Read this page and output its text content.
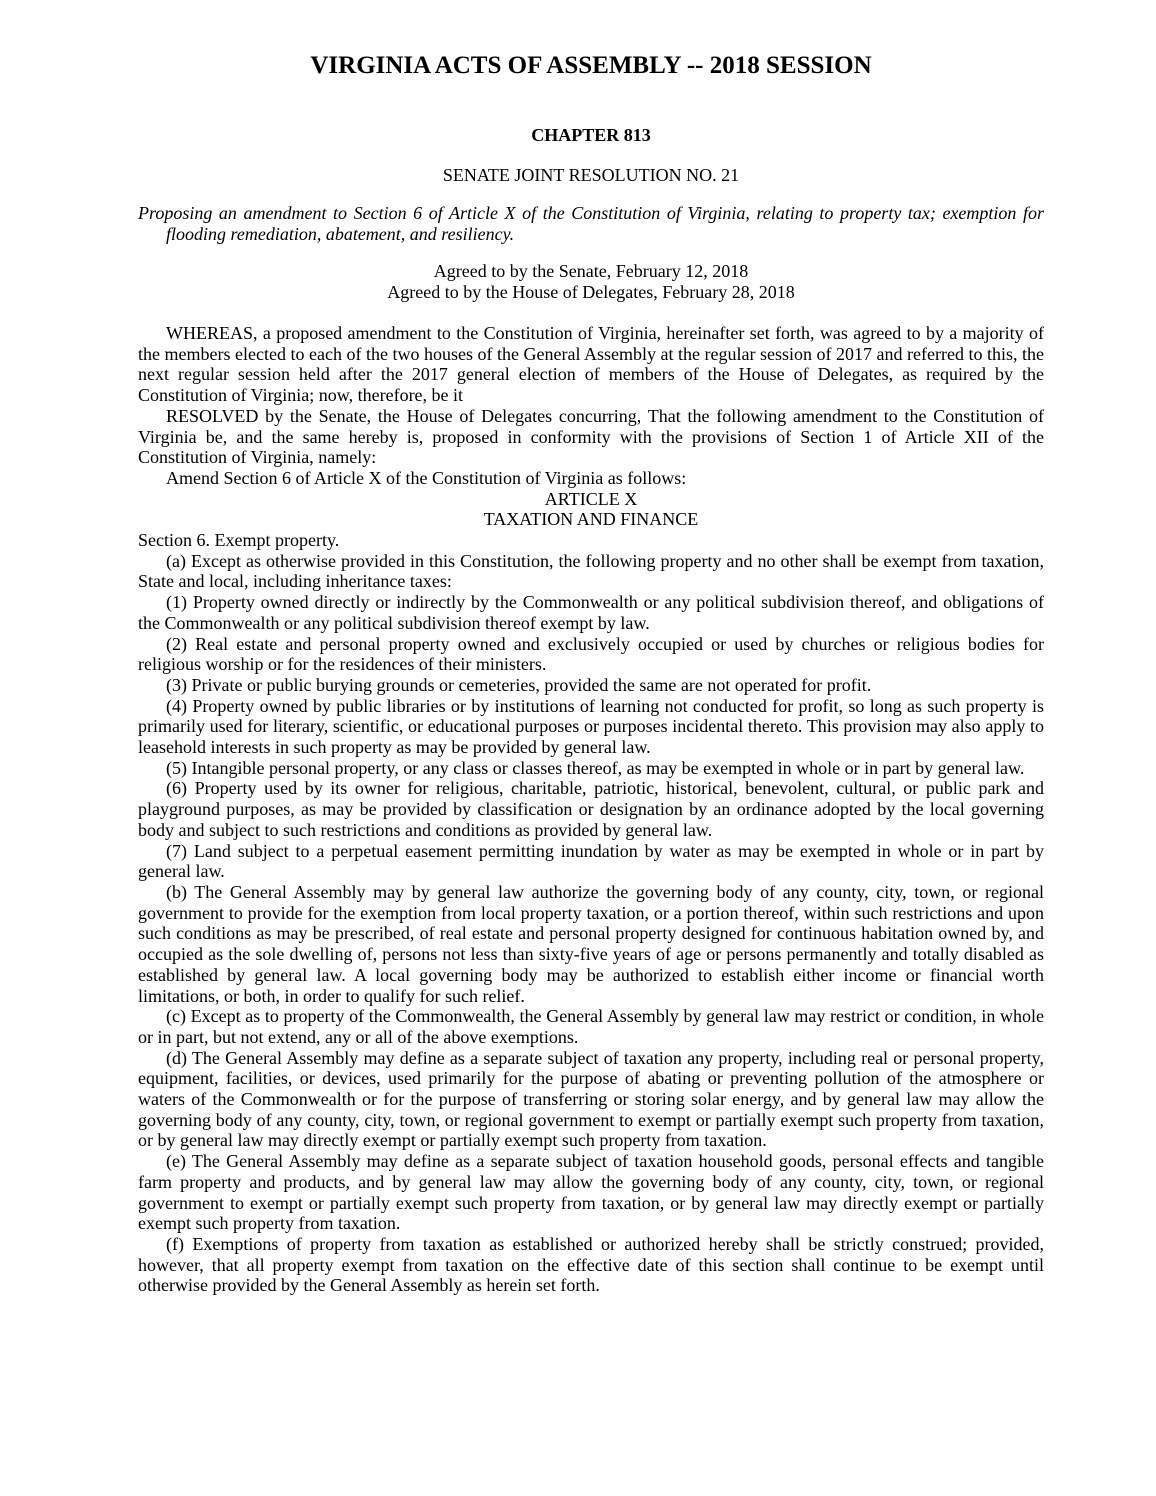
VIRGINIA ACTS OF ASSEMBLY -- 2018 SESSION
CHAPTER 813
SENATE JOINT RESOLUTION NO. 21
Proposing an amendment to Section 6 of Article X of the Constitution of Virginia, relating to property tax; exemption for flooding remediation, abatement, and resiliency.
Agreed to by the Senate, February 12, 2018
Agreed to by the House of Delegates, February 28, 2018

WHEREAS, a proposed amendment to the Constitution of Virginia, hereinafter set forth, was agreed to by a majority of the members elected to each of the two houses of the General Assembly at the regular session of 2017 and referred to this, the next regular session held after the 2017 general election of members of the House of Delegates, as required by the Constitution of Virginia; now, therefore, be it

RESOLVED by the Senate, the House of Delegates concurring, That the following amendment to the Constitution of Virginia be, and the same hereby is, proposed in conformity with the provisions of Section 1 of Article XII of the Constitution of Virginia, namely:

Amend Section 6 of Article X of the Constitution of Virginia as follows:

ARTICLE X

TAXATION AND FINANCE

Section 6. Exempt property.

(a) Except as otherwise provided in this Constitution, the following property and no other shall be exempt from taxation, State and local, including inheritance taxes:

(1) Property owned directly or indirectly by the Commonwealth or any political subdivision thereof, and obligations of the Commonwealth or any political subdivision thereof exempt by law.

(2) Real estate and personal property owned and exclusively occupied or used by churches or religious bodies for religious worship or for the residences of their ministers.

(3) Private or public burying grounds or cemeteries, provided the same are not operated for profit.

(4) Property owned by public libraries or by institutions of learning not conducted for profit, so long as such property is primarily used for literary, scientific, or educational purposes or purposes incidental thereto. This provision may also apply to leasehold interests in such property as may be provided by general law.

(5) Intangible personal property, or any class or classes thereof, as may be exempted in whole or in part by general law.

(6) Property used by its owner for religious, charitable, patriotic, historical, benevolent, cultural, or public park and playground purposes, as may be provided by classification or designation by an ordinance adopted by the local governing body and subject to such restrictions and conditions as provided by general law.

(7) Land subject to a perpetual easement permitting inundation by water as may be exempted in whole or in part by general law.

(b) The General Assembly may by general law authorize the governing body of any county, city, town, or regional government to provide for the exemption from local property taxation, or a portion thereof, within such restrictions and upon such conditions as may be prescribed, of real estate and personal property designed for continuous habitation owned by, and occupied as the sole dwelling of, persons not less than sixty-five years of age or persons permanently and totally disabled as established by general law. A local governing body may be authorized to establish either income or financial worth limitations, or both, in order to qualify for such relief.

(c) Except as to property of the Commonwealth, the General Assembly by general law may restrict or condition, in whole or in part, but not extend, any or all of the above exemptions.

(d) The General Assembly may define as a separate subject of taxation any property, including real or personal property, equipment, facilities, or devices, used primarily for the purpose of abating or preventing pollution of the atmosphere or waters of the Commonwealth or for the purpose of transferring or storing solar energy, and by general law may allow the governing body of any county, city, town, or regional government to exempt or partially exempt such property from taxation, or by general law may directly exempt or partially exempt such property from taxation.

(e) The General Assembly may define as a separate subject of taxation household goods, personal effects and tangible farm property and products, and by general law may allow the governing body of any county, city, town, or regional government to exempt or partially exempt such property from taxation, or by general law may directly exempt or partially exempt such property from taxation.

(f) Exemptions of property from taxation as established or authorized hereby shall be strictly construed; provided, however, that all property exempt from taxation on the effective date of this section shall continue to be exempt until otherwise provided by the General Assembly as herein set forth.
